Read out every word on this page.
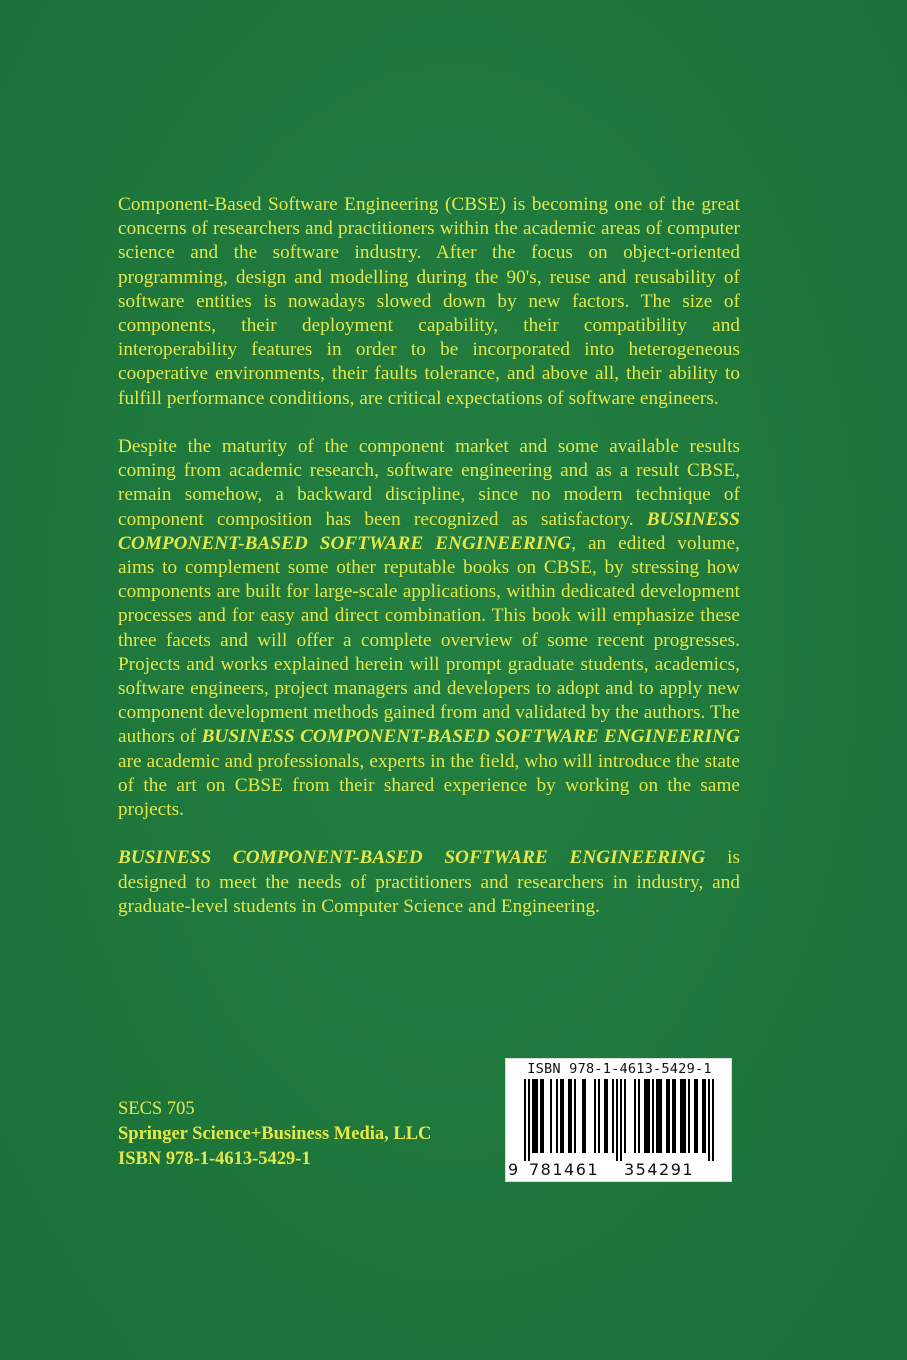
Component-Based Software Engineering (CBSE) is becoming one of the great concerns of researchers and practitioners within the academic areas of computer science and the software industry. After the focus on object-oriented programming, design and modelling during the 90's, reuse and reusability of software entities is nowadays slowed down by new factors. The size of components, their deployment capability, their compatibility and interoperability features in order to be incorporated into heterogeneous cooperative environments, their faults tolerance, and above all, their ability to fulfill performance conditions, are critical expectations of software engineers.

Despite the maturity of the component market and some available results coming from academic research, software engineering and as a result CBSE, remain somehow, a backward discipline, since no modern technique of component composition has been recognized as satisfactory. BUSINESS COMPONENT-BASED SOFTWARE ENGINEERING, an edited volume, aims to complement some other reputable books on CBSE, by stressing how components are built for large-scale applications, within dedicated development processes and for easy and direct combination. This book will emphasize these three facets and will offer a complete overview of some recent progresses. Projects and works explained herein will prompt graduate students, academics, software engineers, project managers and developers to adopt and to apply new component development methods gained from and validated by the authors. The authors of BUSINESS COMPONENT-BASED SOFTWARE ENGINEERING are academic and professionals, experts in the field, who will introduce the state of the art on CBSE from their shared experience by working on the same projects.

BUSINESS COMPONENT-BASED SOFTWARE ENGINEERING is designed to meet the needs of practitioners and researchers in industry, and graduate-level students in Computer Science and Engineering.

SECS 705
Springer Science+Business Media, LLC
ISBN 978-1-4613-5429-1
ISBN 978-1-4613-5429-1
9 781461 354291
